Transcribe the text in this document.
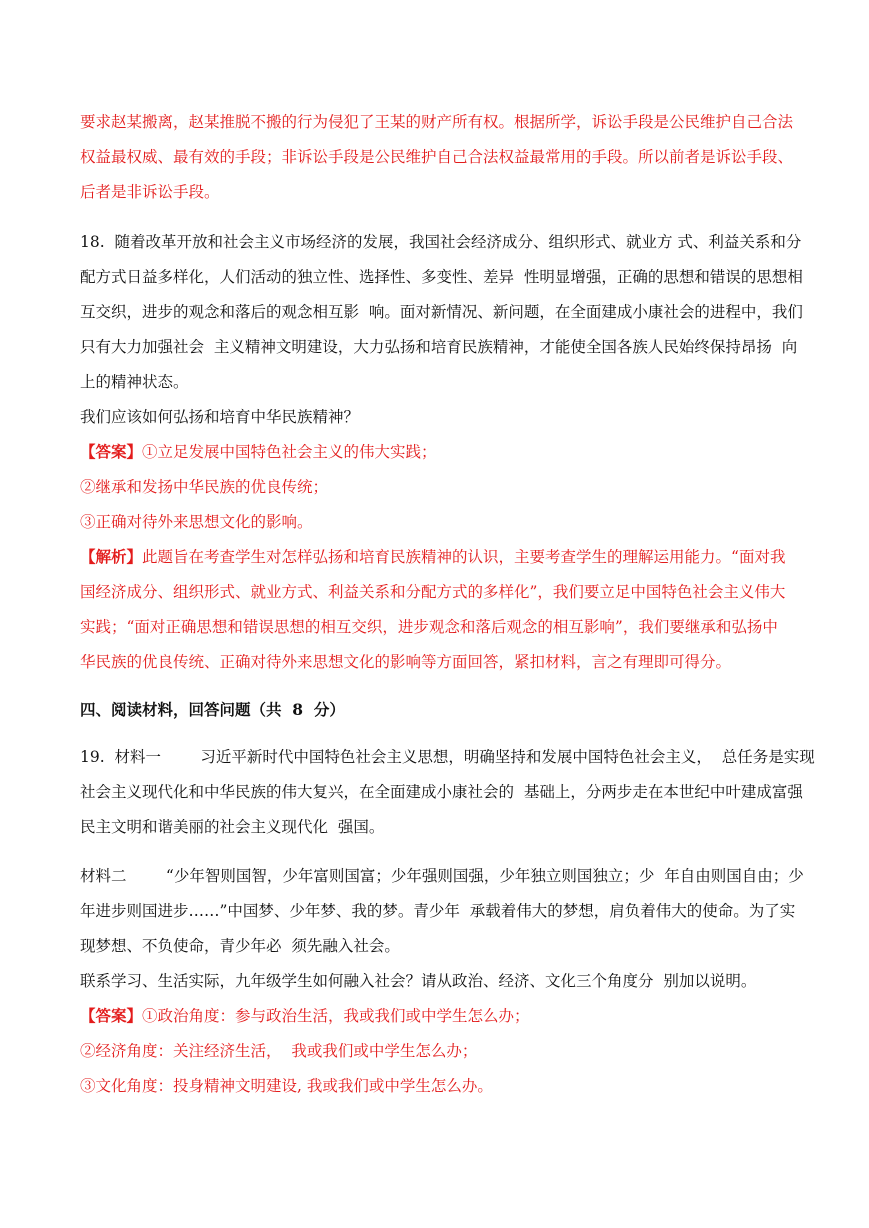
要求赵某搬离，赵某推脱不搬的行为侵犯了王某的财产所有权。根据所学，诉讼手段是公民维护自己合法
权益最权威、最有效的手段；非诉讼手段是公民维护自己合法权益最常用的手段。所以前者是诉讼手段、
后者是非诉讼手段。
18.  随着改革开放和社会主义市场经济的发展，我国社会经济成分、组织形式、就业方 式、利益关系和分
配方式日益多样化，人们活动的独立性、选择性、多变性、差异  性明显增强，正确的思想和错误的思想相
互交织，进步的观念和落后的观念相互影  响。面对新情况、新问题，在全面建成小康社会的进程中，我们
只有大力加强社会  主义精神文明建设，大力弘扬和培育民族精神，才能使全国各族人民始终保持昂扬  向
上的精神状态。
我们应该如何弘扬和培育中华民族精神？
【答案】①立足发展中国特色社会主义的伟大实践；
②继承和发扬中华民族的优良传统；
③正确对待外来思想文化的影响。
【解析】此题旨在考查学生对怎样弘扬和培育民族精神的认识，主要考查学生的理解运用能力。“面对我
国经济成分、组织形式、就业方式、利益关系和分配方式的多样化”，我们要立足中国特色社会主义伟大
实践；“面对正确思想和错误思想的相互交织，进步观念和落后观念的相互影响”，我们要继承和弘扬中
华民族的优良传统、正确对待外来思想文化的影响等方面回答，紧扣材料，言之有理即可得分。
四、阅读材料，回答问题（共  8  分）
19.  材料一        习近平新时代中国特色社会主义思想，明确坚持和发展中国特色社会主义，  总任务是实现
社会主义现代化和中华民族的伟大复兴，在全面建成小康社会的  基础上，分两步走在本世纪中叶建成富强
民主文明和谐美丽的社会主义现代化  强国。
材料二        “少年智则国智，少年富则国富；少年强则国强，少年独立则国独立；少  年自由则国自由；少
年进步则国进步……”中国梦、少年梦、我的梦。青少年  承载着伟大的梦想，肩负着伟大的使命。为了实
现梦想、不负使命，青少年必  须先融入社会。
联系学习、生活实际，九年级学生如何融入社会？请从政治、经济、文化三个角度分  别加以说明。
【答案】①政治角度：参与政治生活，我或我们或中学生怎么办；
②经济角度：关注经济生活，  我或我们或中学生怎么办；
③文化角度：投身精神文明建设, 我或我们或中学生怎么办。
